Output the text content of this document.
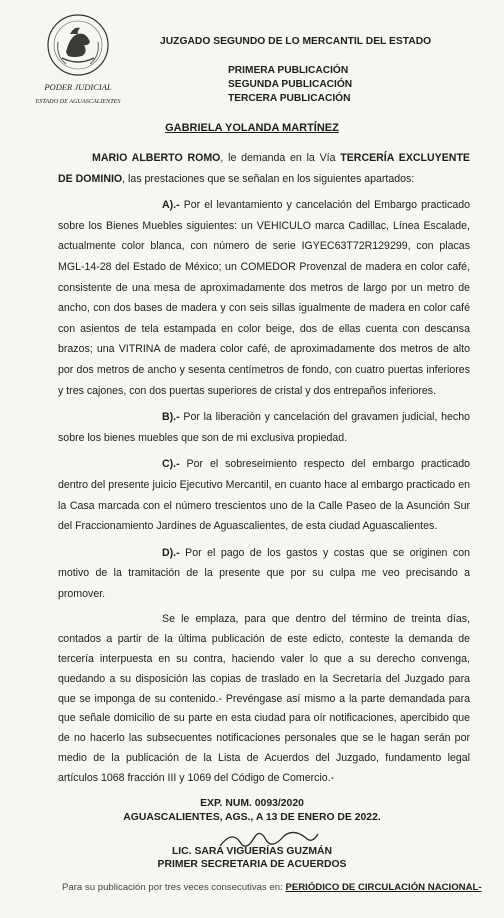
PODER JUDICIAL
ESTADO DE AGUASCALIENTES
JUZGADO SEGUNDO DE LO MERCANTIL DEL ESTADO
PRIMERA PUBLICACIÓN
SEGUNDA PUBLICACIÓN
TERCERA PUBLICACIÓN
GABRIELA YOLANDA MARTÍNEZ

MARIO ALBERTO ROMO, le demanda en la Vía TERCERÍA EXCLUYENTE DE DOMINIO, las prestaciones que se señalan en los siguientes apartados:

A).- Por el levantamiento y cancelación del Embargo practicado sobre los Bienes Muebles siguientes: un VEHICULO marca Cadillac, Línea Escalade, actualmente color blanca, con número de serie IGYEC63T72R129299, con placas MGL-14-28 del Estado de México; un COMEDOR Provenzal de madera en color café, consistente de una mesa de aproximadamente dos metros de largo por un metro de ancho, con dos bases de madera y con seis sillas igualmente de madera en color café con asientos de tela estampada en color beige, dos de ellas cuenta con descansa brazos; una VITRINA de madera color café, de aproximadamente dos metros de alto por dos metros de ancho y sesenta centímetros de fondo, con cuatro puertas inferiores y tres cajones, con dos puertas superiores de cristal y dos entrepaños inferiores.

B).- Por la liberación y cancelación del gravamen judicial, hecho sobre los bienes muebles que son de mi exclusiva propiedad.

C).- Por el sobreseimiento respecto del embargo practicado dentro del presente juicio Ejecutivo Mercantil, en cuanto hace al embargo practicado en la Casa marcada con el número trescientos uno de la Calle Paseo de la Asunción Sur del Fraccionamiento Jardines de Aguascalientes, de esta ciudad Aguascalientes.

D).- Por el pago de los gastos y costas que se originen con motivo de la tramitación de la presente que por su culpa me veo precisando a promover.

Se le emplaza, para que dentro del término de treinta días, contados a partir de la última publicación de este edicto, conteste la demanda de tercería interpuesta en su contra, haciendo valer lo que a su derecho convenga, quedando a su disposición las copias de traslado en la Secretaría del Juzgado para que se imponga de su contenido.- Prevéngase así mismo a la parte demandada para que señale domicilio de su parte en esta ciudad para oír notificaciones, apercibido que de no hacerlo las subsecuentes notificaciones personales que se le hagan serán por medio de la publicación de la Lista de Acuerdos del Juzgado, fundamento legal artículos 1068 fracción III y 1069 del Código de Comercio.-

EXP. NUM. 0093/2020
AGUASCALIENTES, AGS., A 13 DE ENERO DE 2022.
LIC. SARA VIGUERÍAS GUZMÁN
PRIMER SECRETARIA DE ACUERDOS
Para su publicación por tres veces consecutivas en: PERIÓDICO DE CIRCULACIÓN NACIONAL-
